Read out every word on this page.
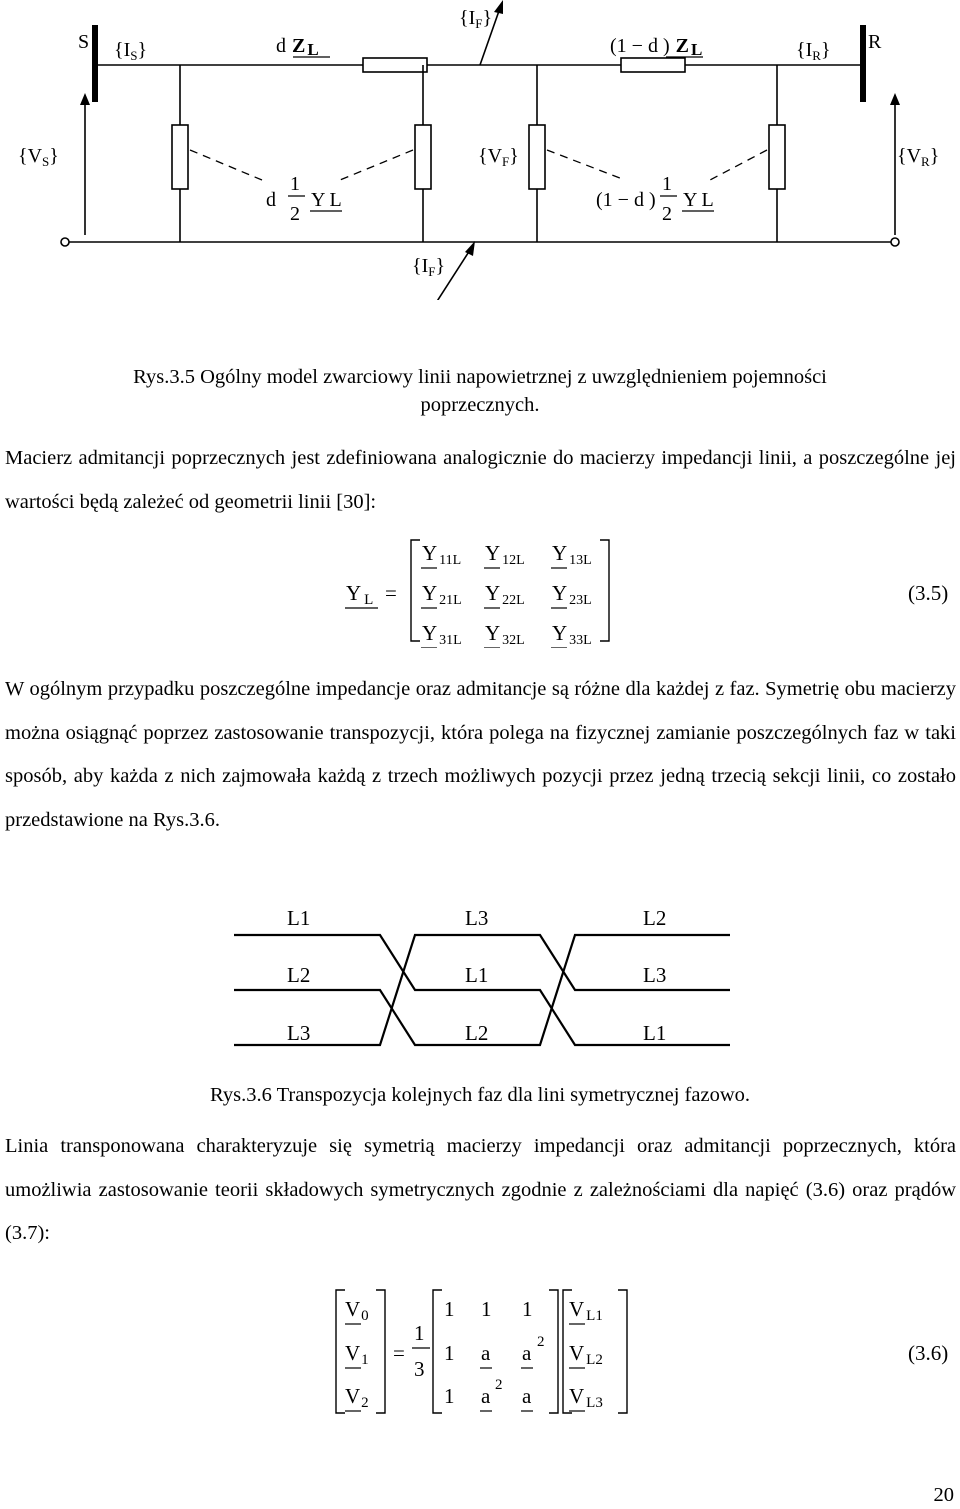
S	R
$\{I_S\}$	d Z L
$\{I_F\}$
(1 − d ) Z L	$\{I_R\}$
$\{V_S\}$	$\{V_F\}$	$\{V_R\}$
d
1
2
Y L	(1 − d )
1
2
Y L
$\{I_F\}$

Rys.3.5 Ogólny model zwarciowy linii napowietrznej z uwzględnieniem pojemności

poprzecznych.

Macierz admitancji poprzecznych jest zdefiniowana analogicznie do macierzy impedancji linii, a poszczególne jej wartości będą zależeć od geometrii linii [30]:

Y L =
Y 11L Y 12L Y 13L
Y 21L Y 22L Y 23L
Y 31L Y 32L Y 33L
(3.5)

W ogólnym przypadku poszczególne impedancje oraz admitancje są różne dla każdej z faz. Symetrię obu macierzy można osiągnąć poprzez zastosowanie transpozycji, która polega na fizycznej zamianie poszczególnych faz w taki sposób, aby każda z nich zajmowała każdą z trzech możliwych pozycji przez jedną trzecią sekcji linii, co zostało przedstawione na Rys.3.6.

L1	L3	L2
L2	L1	L3
L3	L2	L1

Rys.3.6 Transpozycja kolejnych faz dla lini symetrycznej fazowo.

Linia transponowana charakteryzuje się symetrią macierzy impedancji oraz admitancji poprzecznych, która umożliwia zastosowanie teorii składowych symetrycznych zgodnie z zależnościami dla napięć (3.6) oraz prądów (3.7):

V0
V1
V2
=
1
3
1 1 1
1 a a
1 a a
2
2
V L1
V L2
V L3
(3.6)
20
